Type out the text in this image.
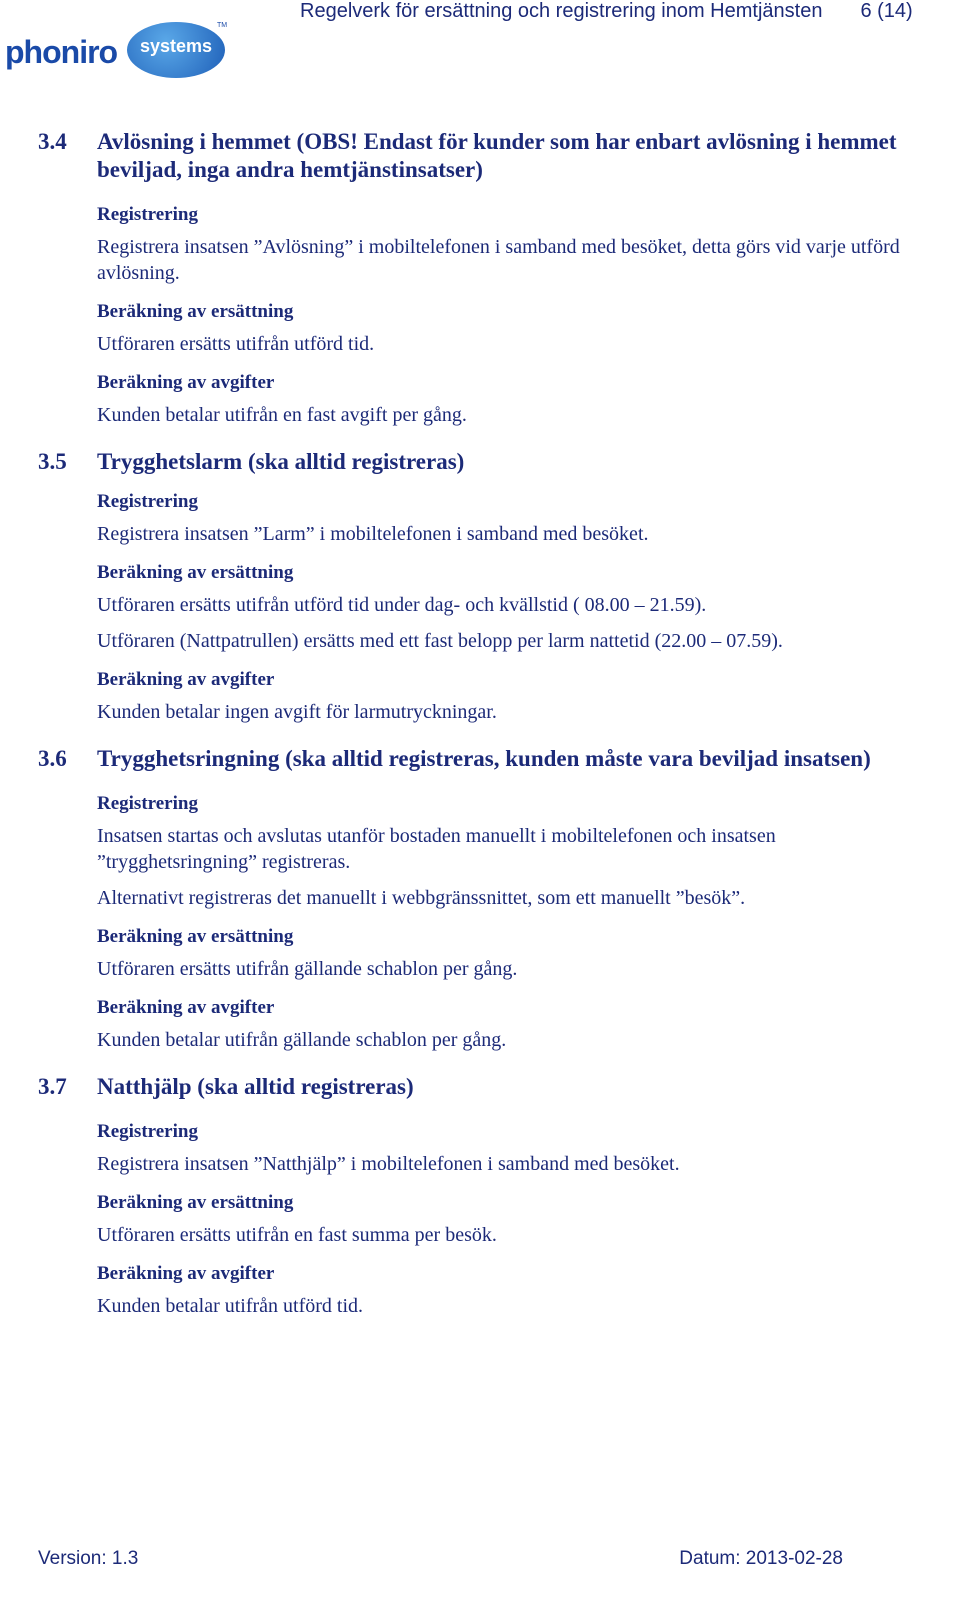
Regelverk för ersättning och registrering inom Hemtjänsten 6 (14)
phoniro	systems
TM
3.4 Avlösning i hemmet (OBS! Endast för kunder som har enbart avlösning i hemmet beviljad, inga andra hemtjänstinsatser)
Registrering
Registrera insatsen ”Avlösning” i mobiltelefonen i samband med besöket, detta görs vid varje utförd avlösning.
Beräkning av ersättning
Utföraren ersätts utifrån utförd tid.
Beräkning av avgifter
Kunden betalar utifrån en fast avgift per gång.
3.5 Trygghetslarm (ska alltid registreras)
Registrering
Registrera insatsen ”Larm” i mobiltelefonen i samband med besöket.
Beräkning av ersättning
Utföraren ersätts utifrån utförd tid under dag- och kvällstid ( 08.00 – 21.59).
Utföraren (Nattpatrullen) ersätts med ett fast belopp per larm nattetid (22.00 – 07.59).
Beräkning av avgifter
Kunden betalar ingen avgift för larmutryckningar.
3.6 Trygghetsringning (ska alltid registreras, kunden måste vara beviljad insatsen)
Registrering
Insatsen startas och avslutas utanför bostaden manuellt i mobiltelefonen och insatsen ”trygghetsringning” registreras.
Alternativt registreras det manuellt i webbgränssnittet, som ett manuellt ”besök”.
Beräkning av ersättning
Utföraren ersätts utifrån gällande schablon per gång.
Beräkning av avgifter
Kunden betalar utifrån gällande schablon per gång.
3.7 Natthjälp (ska alltid registreras)
Registrering
Registrera insatsen ”Natthjälp” i mobiltelefonen i samband med besöket.
Beräkning av ersättning
Utföraren ersätts utifrån en fast summa per besök.
Beräkning av avgifter
Kunden betalar utifrån utförd tid.
Version: 1.3	Datum: 2013-02-28
